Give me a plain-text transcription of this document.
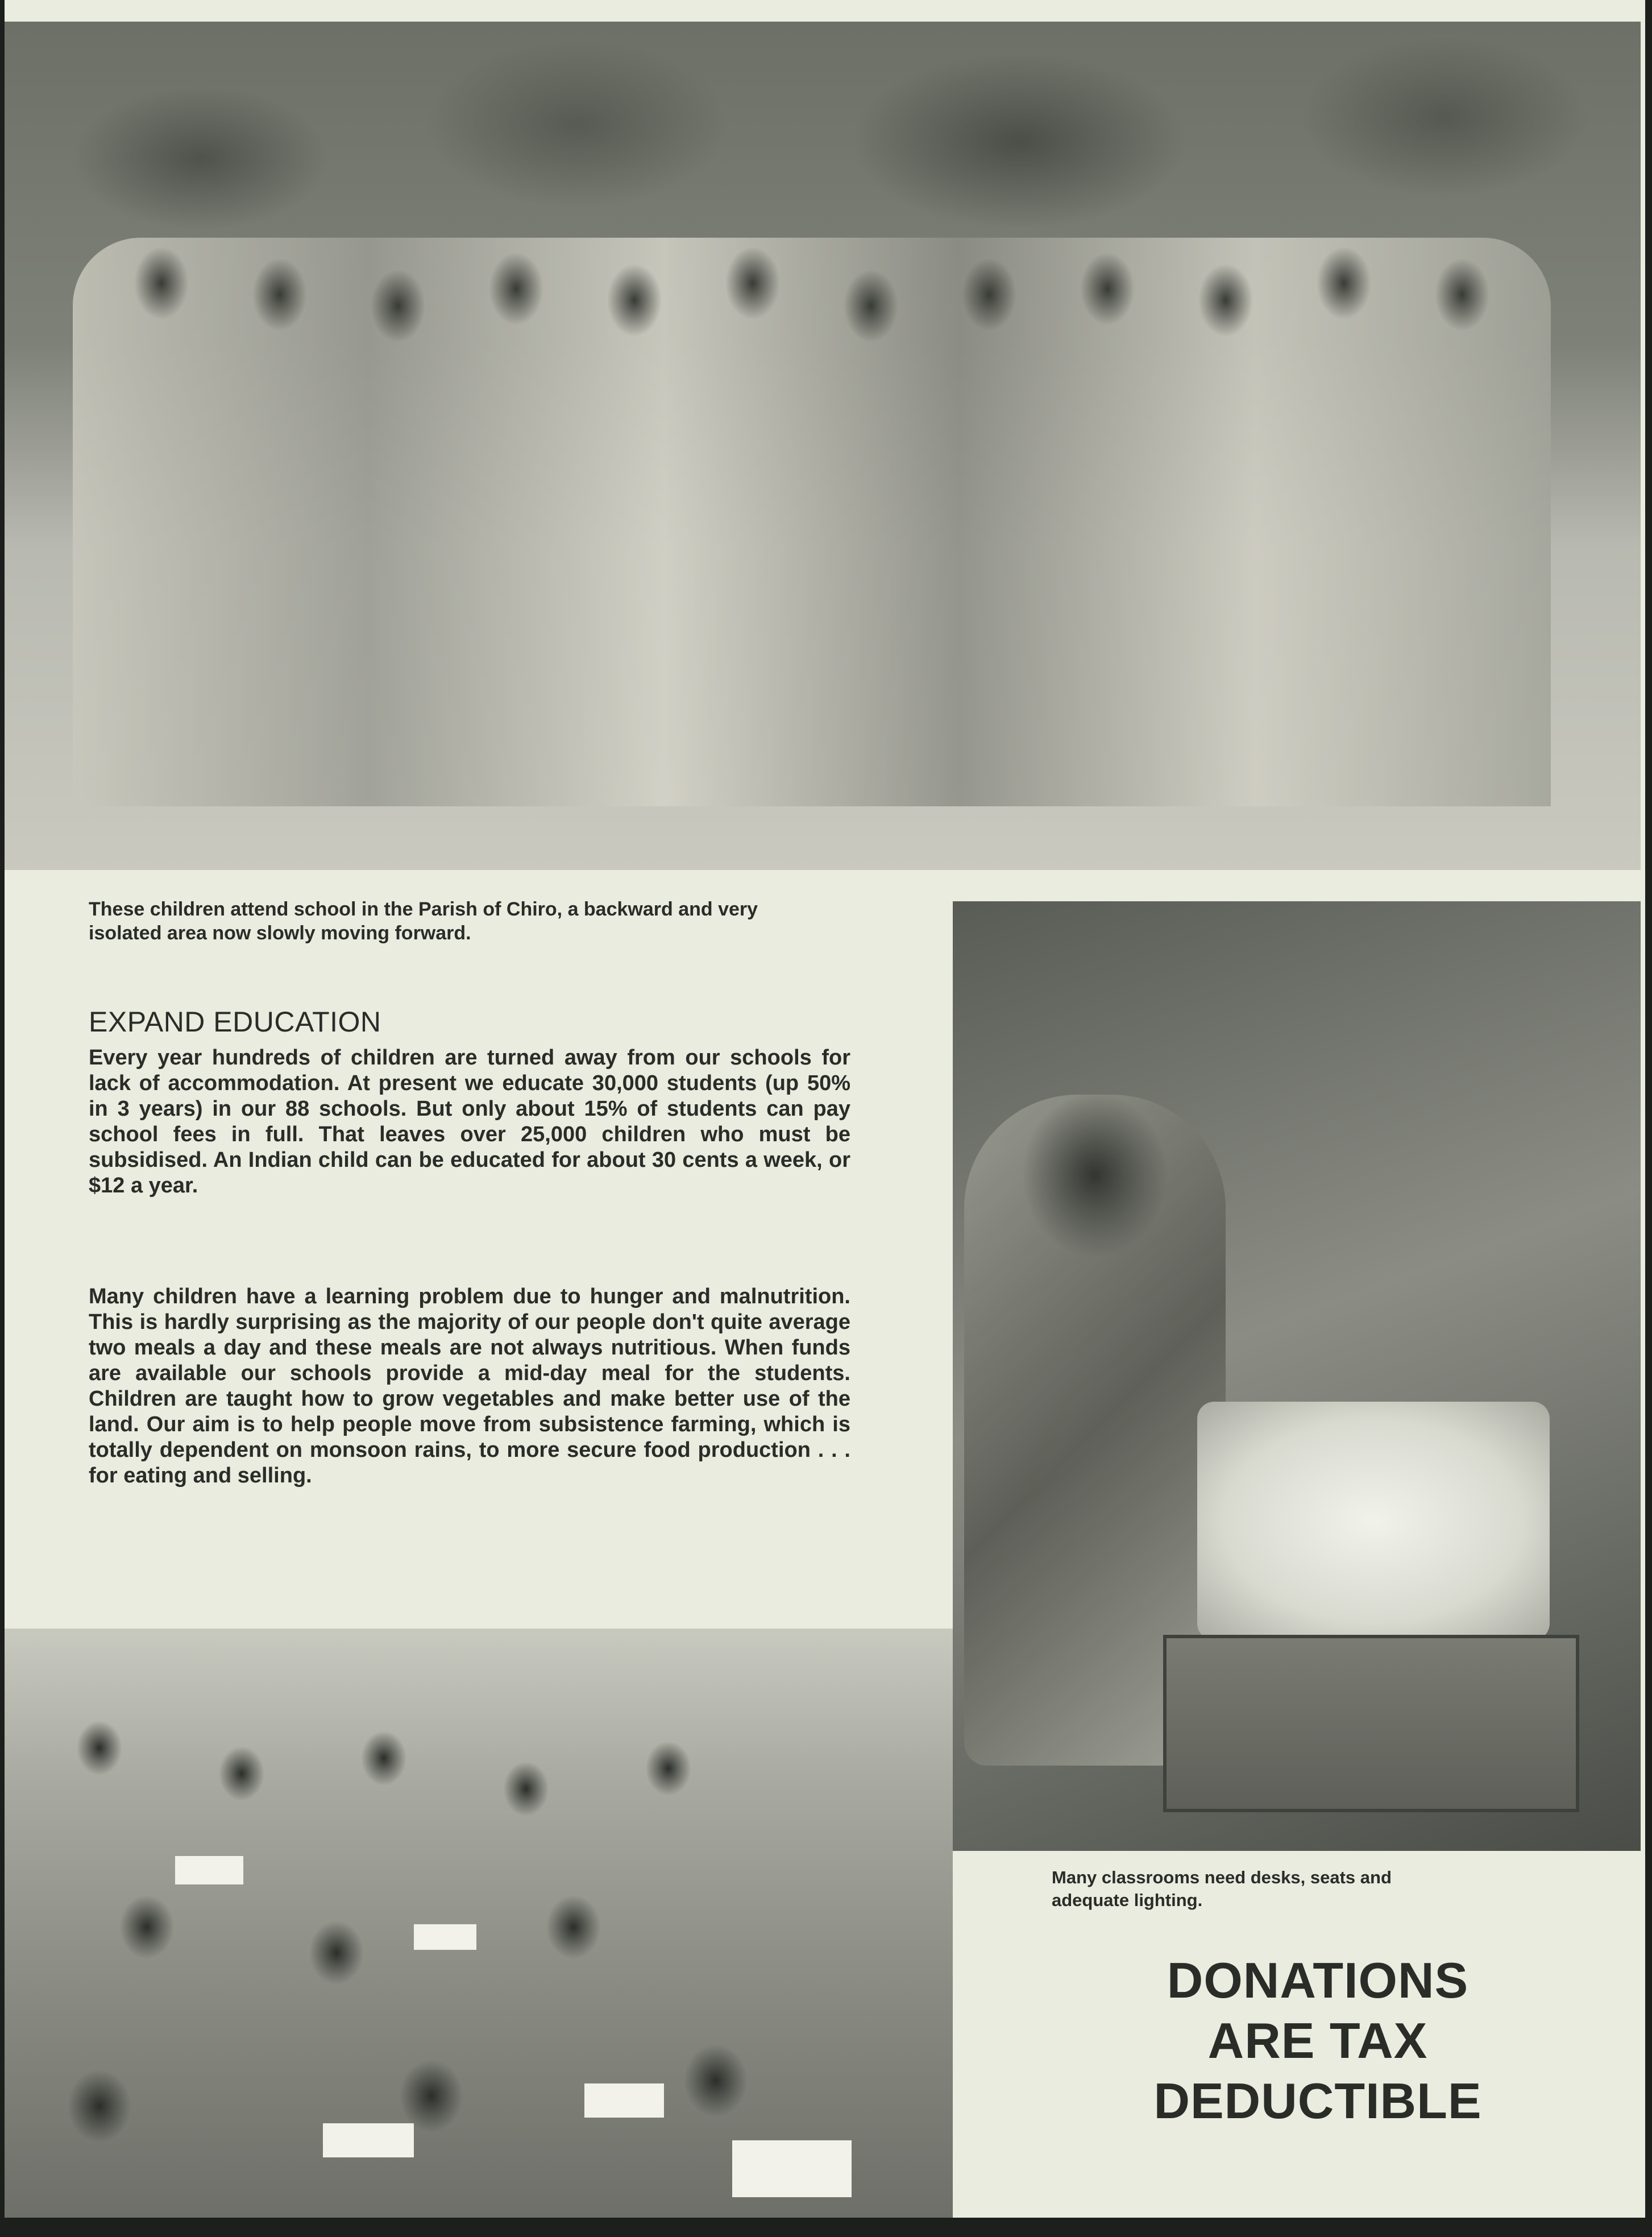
These children attend school in the Parish of Chiro, a backward and very isolated area now slowly moving forward.

EXPAND EDUCATION

Every year hundreds of children are turned away from our schools for lack of accommodation. At present we educate 30,000 students (up 50% in 3 years) in our 88 schools. But only about 15% of students can pay school fees in full. That leaves over 25,000 children who must be subsidised. An Indian child can be educated for about 30 cents a week, or $12 a year.

Many children have a learning problem due to hunger and malnutrition. This is hardly surprising as the majority of our people don't quite average two meals a day and these meals are not always nutritious. When funds are available our schools provide a mid-day meal for the students. Children are taught how to grow vegetables and make better use of the land. Our aim is to help people move from subsistence farming, which is totally dependent on monsoon rains, to more secure food production . . . for eating and selling.

Many classrooms need desks, seats and adequate lighting.

DONATIONS
ARE TAX
DEDUCTIBLE
